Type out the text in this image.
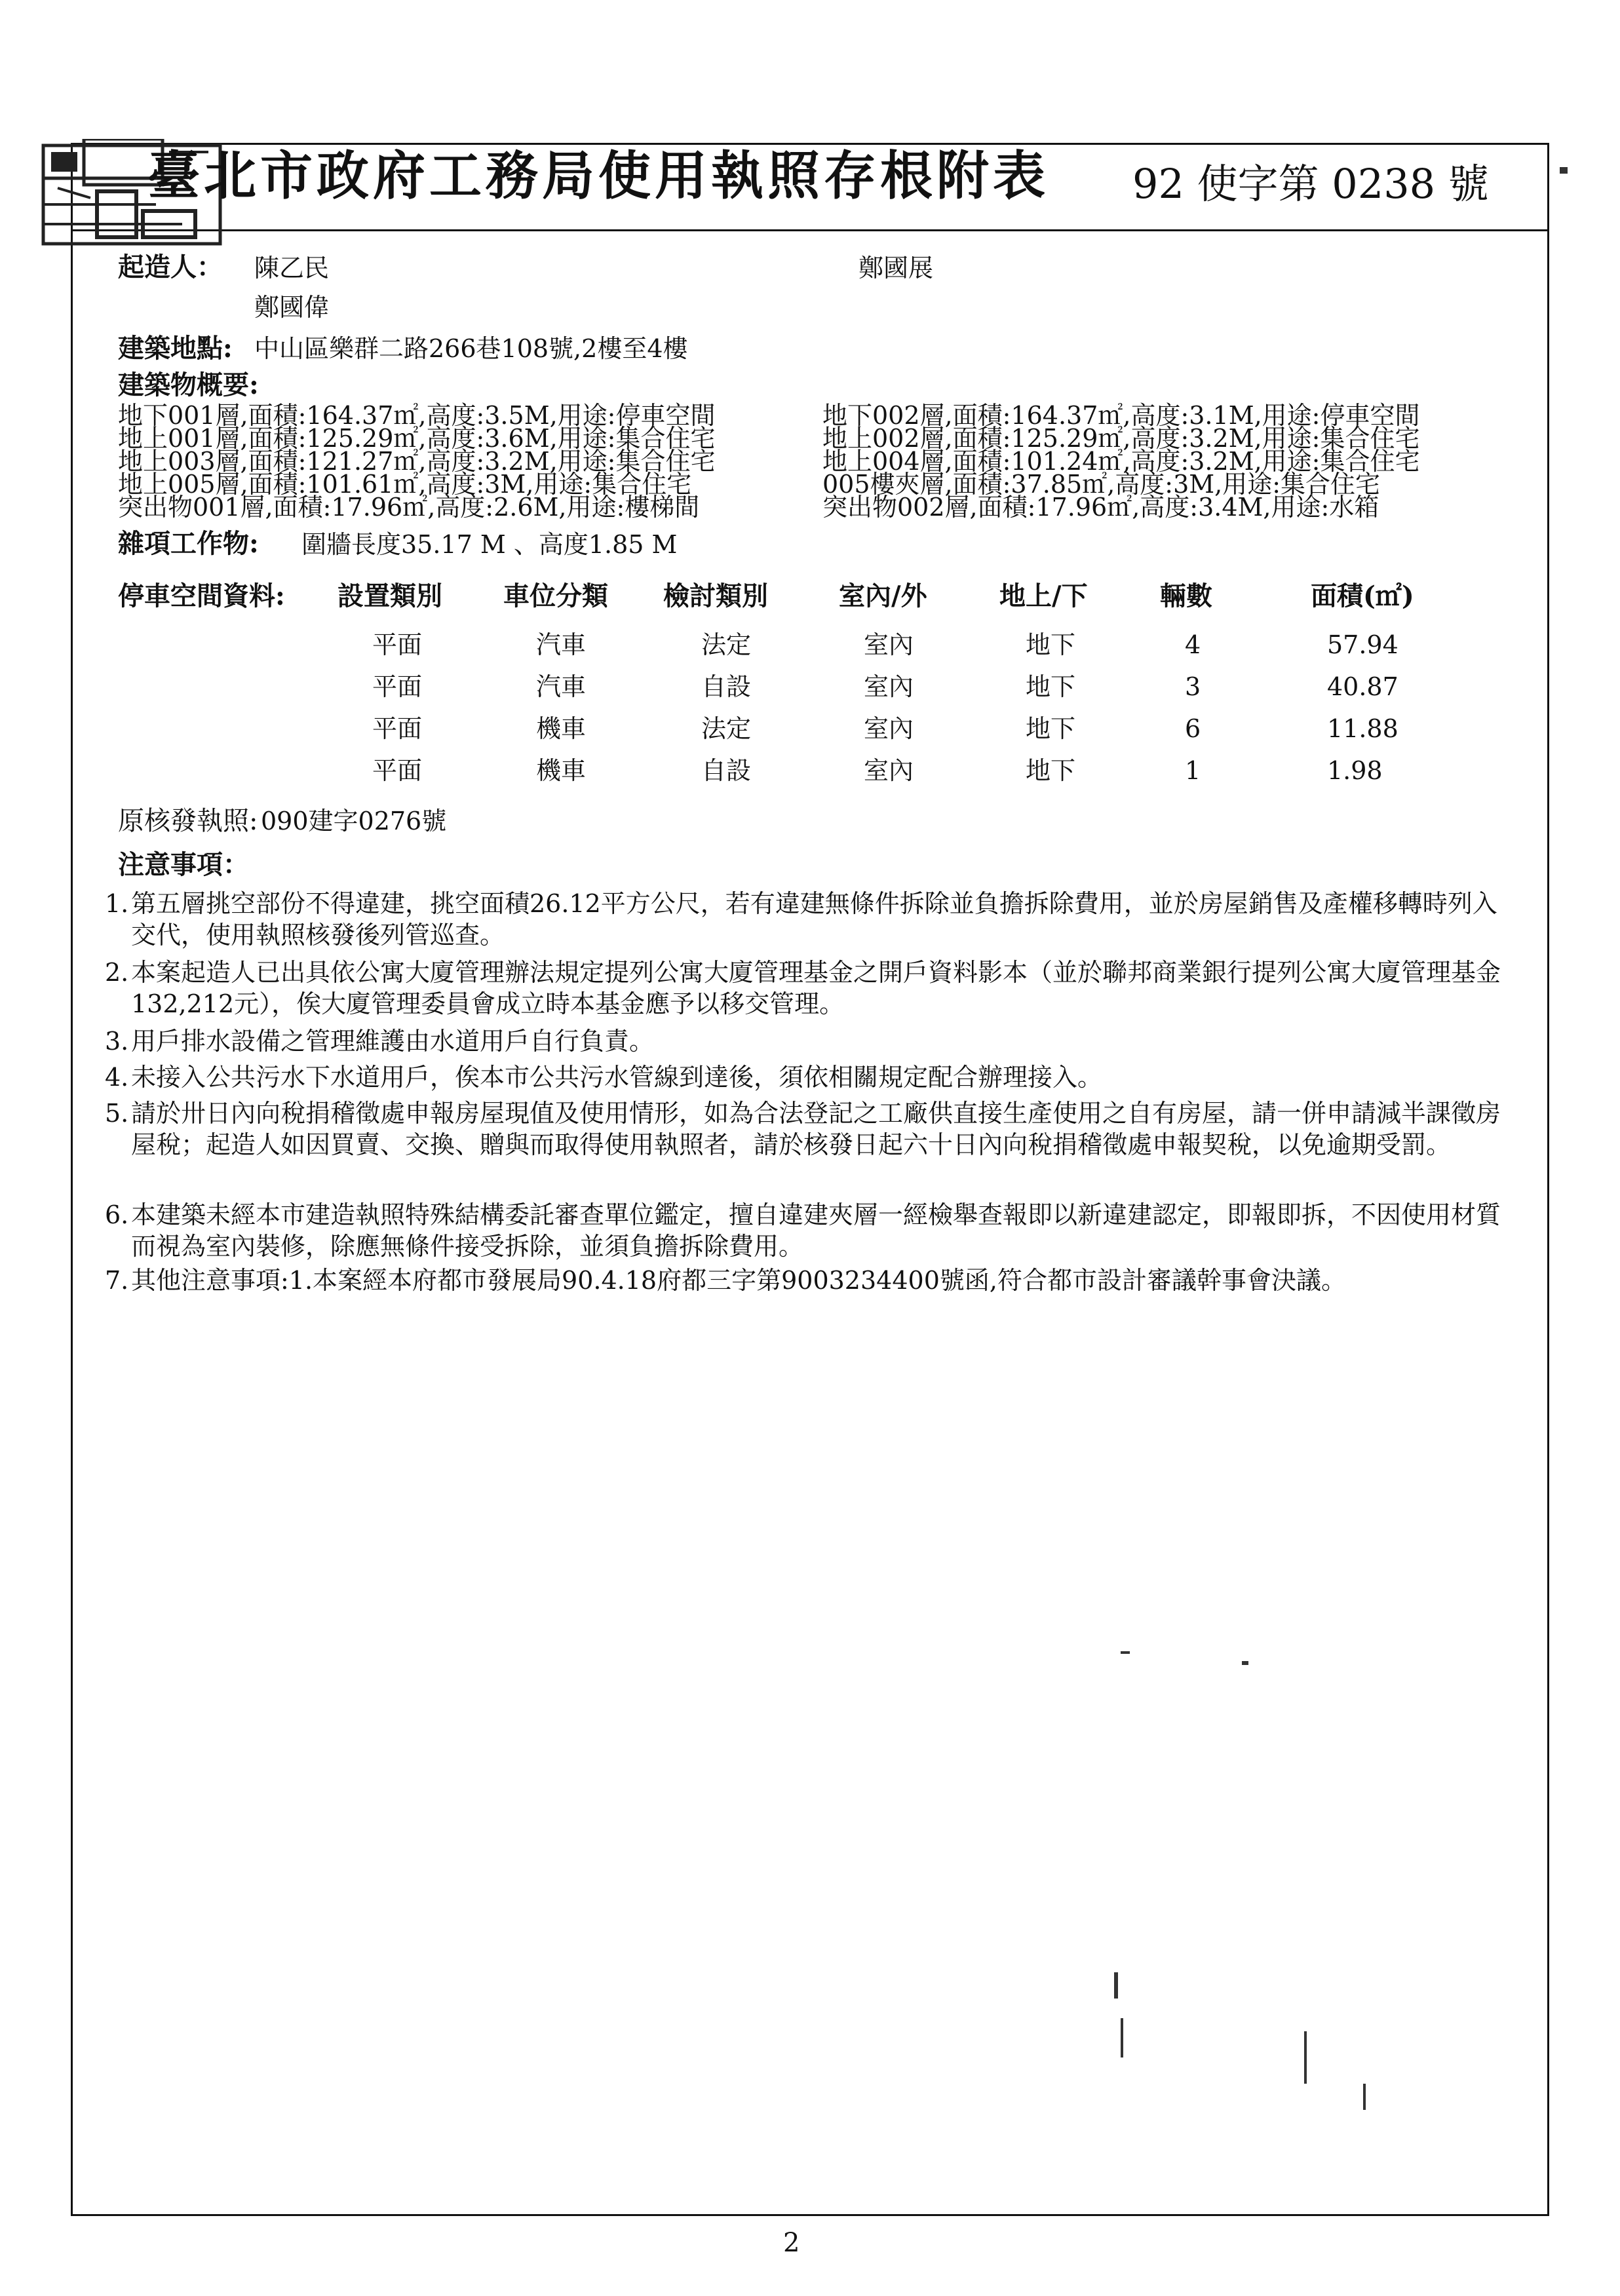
臺北市政府工務局使用執照存根附表 92 使字第 0238 號
起造人： 陳乙民
鄭國偉
鄭國展
建築地點: 中山區樂群二路266巷108號,2樓至4樓
建築物概要:
地下001層,面積:164.37㎡,高度:3.5M,用途:停車空間
地上001層,面積:125.29㎡,高度:3.6M,用途:集合住宅
地上003層,面積:121.27㎡,高度:3.2M,用途:集合住宅
地上005層,面積:101.61㎡,高度:3M,用途:集合住宅
突出物001層,面積:17.96㎡,高度:2.6M,用途:樓梯間
地下002層,面積:164.37㎡,高度:3.1M,用途:停車空間
地上002層,面積:125.29㎡,高度:3.2M,用途:集合住宅
地上004層,面積:101.24㎡,高度:3.2M,用途:集合住宅
005樓夾層,面積:37.85㎡,高度:3M,用途:集合住宅
突出物002層,面積:17.96㎡,高度:3.4M,用途:水箱
雜項工作物: 圍牆長度35.17 M 、高度1.85 M
停車空間資料: 設置類別 車位分類 檢討類別	室內/外	地上/下	輛數	面積(㎡)
平面	汽車	法定	室內	地下	4	57.94
平面	汽車	自設	室內	地下	3	40.87
平面	機車	法定	室內	地下	6	11.88
平面	機車	自設	室內	地下	1	1.98
原核發執照: 090建字0276號
注意事項：
1. 第五層挑空部份不得違建，挑空面積26.12平方公尺，若有違建無條件拆除並負擔拆除費用，並於房屋銷售及產權移轉時列入交代，使用執照核發後列管巡查。
2. 本案起造人已出具依公寓大廈管理辦法規定提列公寓大廈管理基金之開戶資料影本（並於聯邦商業銀行提列公寓大廈管理基金132,212元），俟大廈管理委員會成立時本基金應予以移交管理。
3. 用戶排水設備之管理維護由水道用戶自行負責。
4. 未接入公共污水下水道用戶，俟本市公共污水管線到達後，須依相關規定配合辦理接入。
5. 請於卅日內向稅捐稽徵處申報房屋現值及使用情形，如為合法登記之工廠供直接生產使用之自有房屋，請一併申請減半課徵房屋稅；起造人如因買賣、交換、贈與而取得使用執照者，請於核發日起六十日內向稅捐稽徵處申報契稅，以免逾期受罰。
6. 本建築未經本市建造執照特殊結構委託審查單位鑑定，擅自違建夾層一經檢舉查報即以新違建認定，即報即拆，不因使用材質而視為室內裝修，除應無條件接受拆除，並須負擔拆除費用。
7. 其他注意事項:1.本案經本府都市發展局90.4.18府都三字第9003234400號函,符合都市設計審議幹事會決議。
2
